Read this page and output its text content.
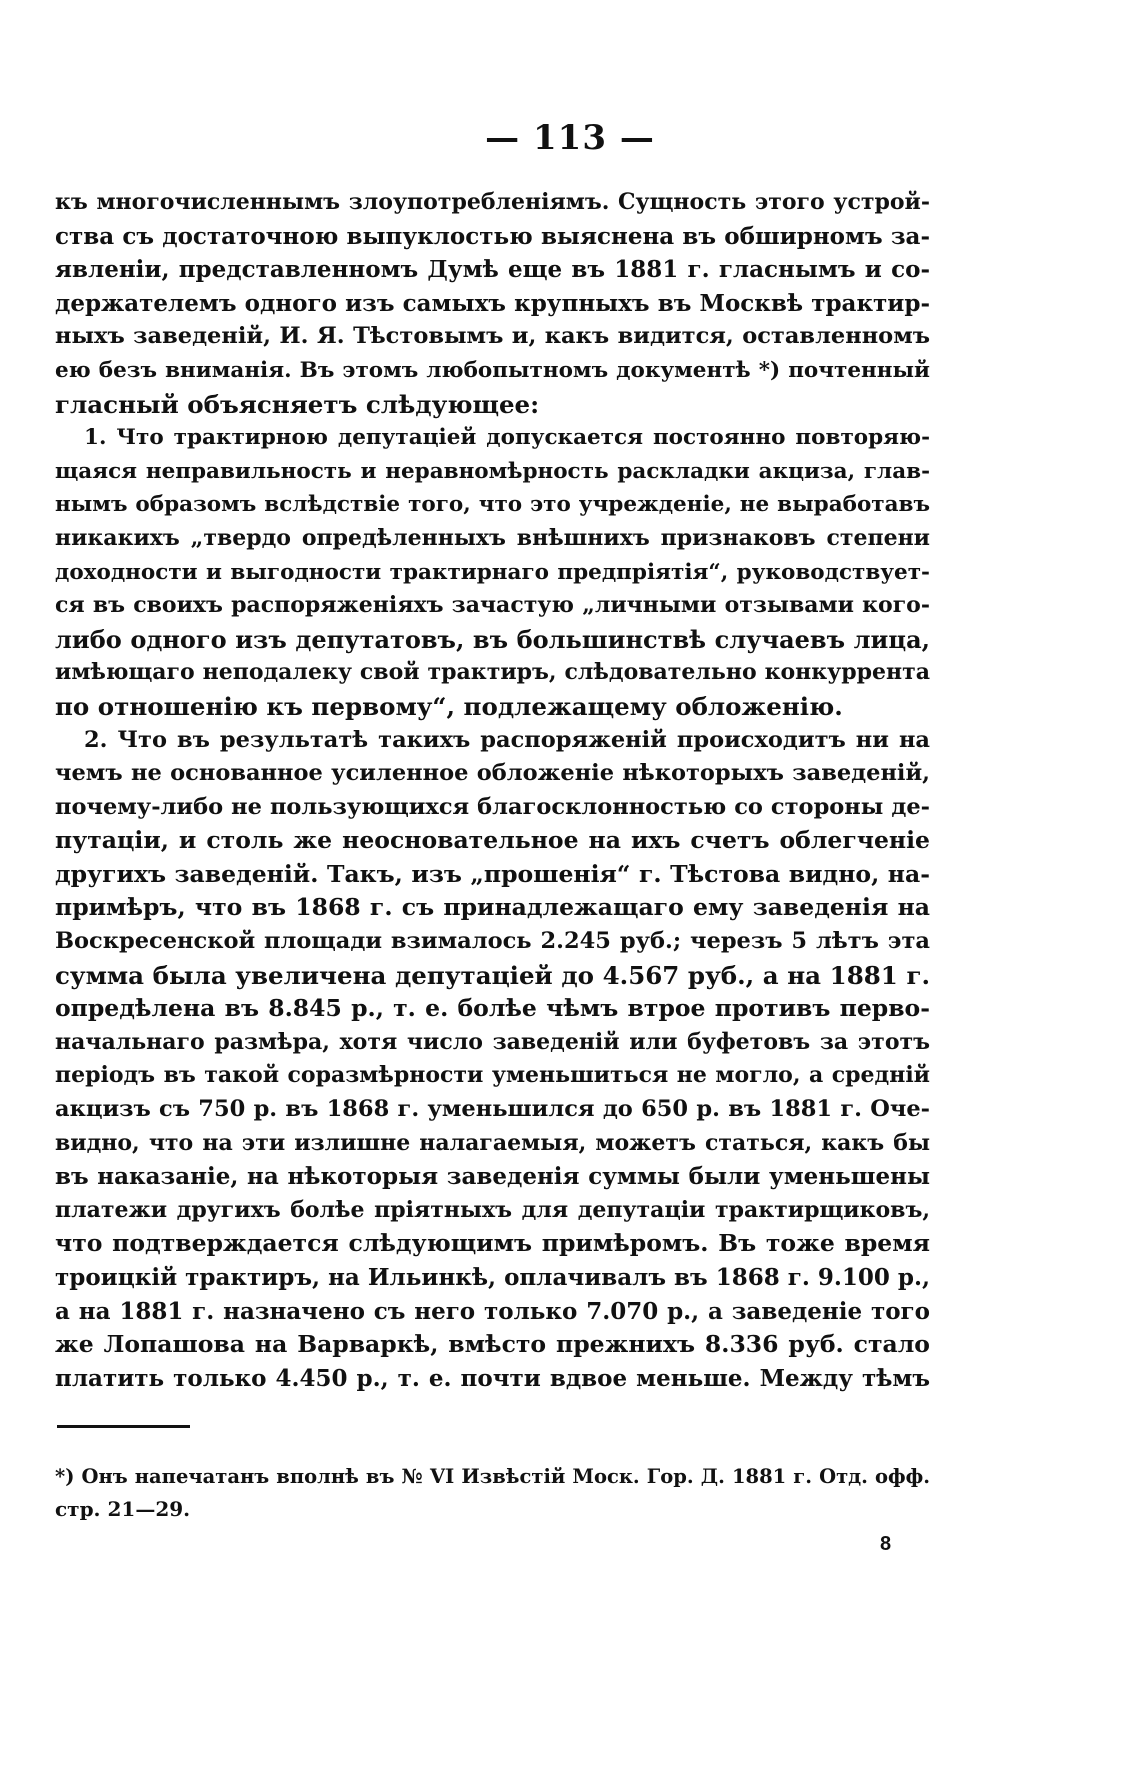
— 113 —
къ многочисленнымъ злоупотребленіямъ. Сущность этого устрой-
ства съ достаточною выпуклостью выяснена въ обширномъ за-
явленіи, представленномъ Думѣ еще въ 1881 г. гласнымъ и со-
держателемъ одного изъ самыхъ крупныхъ въ Москвѣ трактир-
ныхъ заведеній, И. Я. Тѣстовымъ и, какъ видится, оставленномъ
ею безъ вниманія. Въ этомъ любопытномъ документѣ *) почтенный
гласный объясняетъ слѣдующее:
1. Что трактирною депутаціей допускается постоянно повторяю-
щаяся неправильность и неравномѣрность раскладки акциза, глав-
нымъ образомъ вслѣдствіе того, что это учрежденіе, не выработавъ
никакихъ „твердо опредѣленныхъ внѣшнихъ признаковъ степени
доходности и выгодности трактирнаго предпріятія“, руководствует-
ся въ своихъ распоряженіяхъ зачастую „личными отзывами кого-
либо одного изъ депутатовъ, въ большинствѣ случаевъ лица,
имѣющаго неподалеку свой трактиръ, слѣдовательно конкуррента
по отношенію къ первому“, подлежащему обложенію.
2. Что въ результатѣ такихъ распоряженій происходитъ ни на
чемъ не основанное усиленное обложеніе нѣкоторыхъ заведеній,
почему-либо не пользующихся благосклонностью со стороны де-
путаціи, и столь же неосновательное на ихъ счетъ облегченіе
другихъ заведеній. Такъ, изъ „прошенія“ г. Тѣстова видно, на-
примѣръ, что въ 1868 г. съ принадлежащаго ему заведенія на
Воскресенской площади взималось 2.245 руб.; черезъ 5 лѣтъ эта
сумма была увеличена депутаціей до 4.567 руб., а на 1881 г.
опредѣлена въ 8.845 р., т. е. болѣе чѣмъ втрое противъ перво-
начальнаго размѣра, хотя число заведеній или буфетовъ за этотъ
періодъ въ такой соразмѣрности уменьшиться не могло, а средній
акцизъ съ 750 р. въ 1868 г. уменьшился до 650 р. въ 1881 г. Оче-
видно, что на эти излишне налагаемыя, можетъ статься, какъ бы
въ наказаніе, на нѣкоторыя заведенія суммы были уменьшены
платежи другихъ болѣе пріятныхъ для депутаціи трактирщиковъ,
что подтверждается слѣдующимъ примѣромъ. Въ тоже время
троицкій трактиръ, на Ильинкѣ, оплачивалъ въ 1868 г. 9.100 р.,
а на 1881 г. назначено съ него только 7.070 р., а заведеніе того
же Лопашова на Варваркѣ, вмѣсто прежнихъ 8.336 руб. стало
платить только 4.450 р., т. е. почти вдвое меньше. Между тѣмъ
*) Онъ напечатанъ вполнѣ въ № VI Извѣстій Моск. Гор. Д. 1881 г. Отд. офф.
стр. 21—29.
8
